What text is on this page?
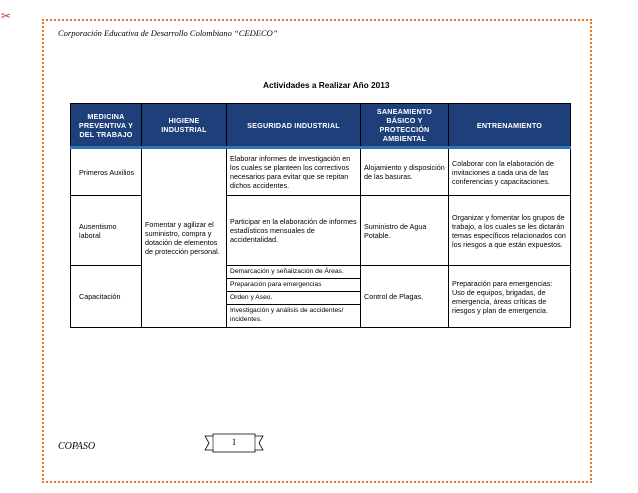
✂
Corporación Educativa de Desarrollo Colombiano “CEDECO”
Actividades a Realizar Año 2013
MEDICINA PREVENTIVA Y DEL TRABAJO	HIGIENE INDUSTRIAL	SEGURIDAD INDUSTRIAL	SANEAMIENTO BÁSICO Y PROTECCIÓN AMBIENTAL	ENTRENAMIENTO
Primeros Auxilios	Fomentar y agilizar el suministro, compra y dotación de elementos de protección personal.	Elaborar informes de investigación en los cuales se planteen los correctivos necesarios para evitar que se repitan dichos accidentes.	Alojamiento y disposición de las basuras.	Colaborar con la elaboración de invitaciones a cada una de las conferencias y capacitaciones.
Ausentismo laboral		Participar en la elaboración de informes estadísticos mensuales de accidentalidad.	Suministro de Agua Potable.	Organizar y fomentar los grupos de trabajo, a los cuales se les dictarán temas específicos relacionados con los riesgos a que están expuestos.
Capacitación		Demarcación y señalización de Áreas.
Preparación para emergencias
Orden y Aseo.
Investigación y análisis de accidentes/ incidentes.	Control de Plagas.	Preparación para emergencias: Uso de equipos, brigadas, de emergencia, áreas críticas de riesgos y plan de emergencia.
COPASO	1
